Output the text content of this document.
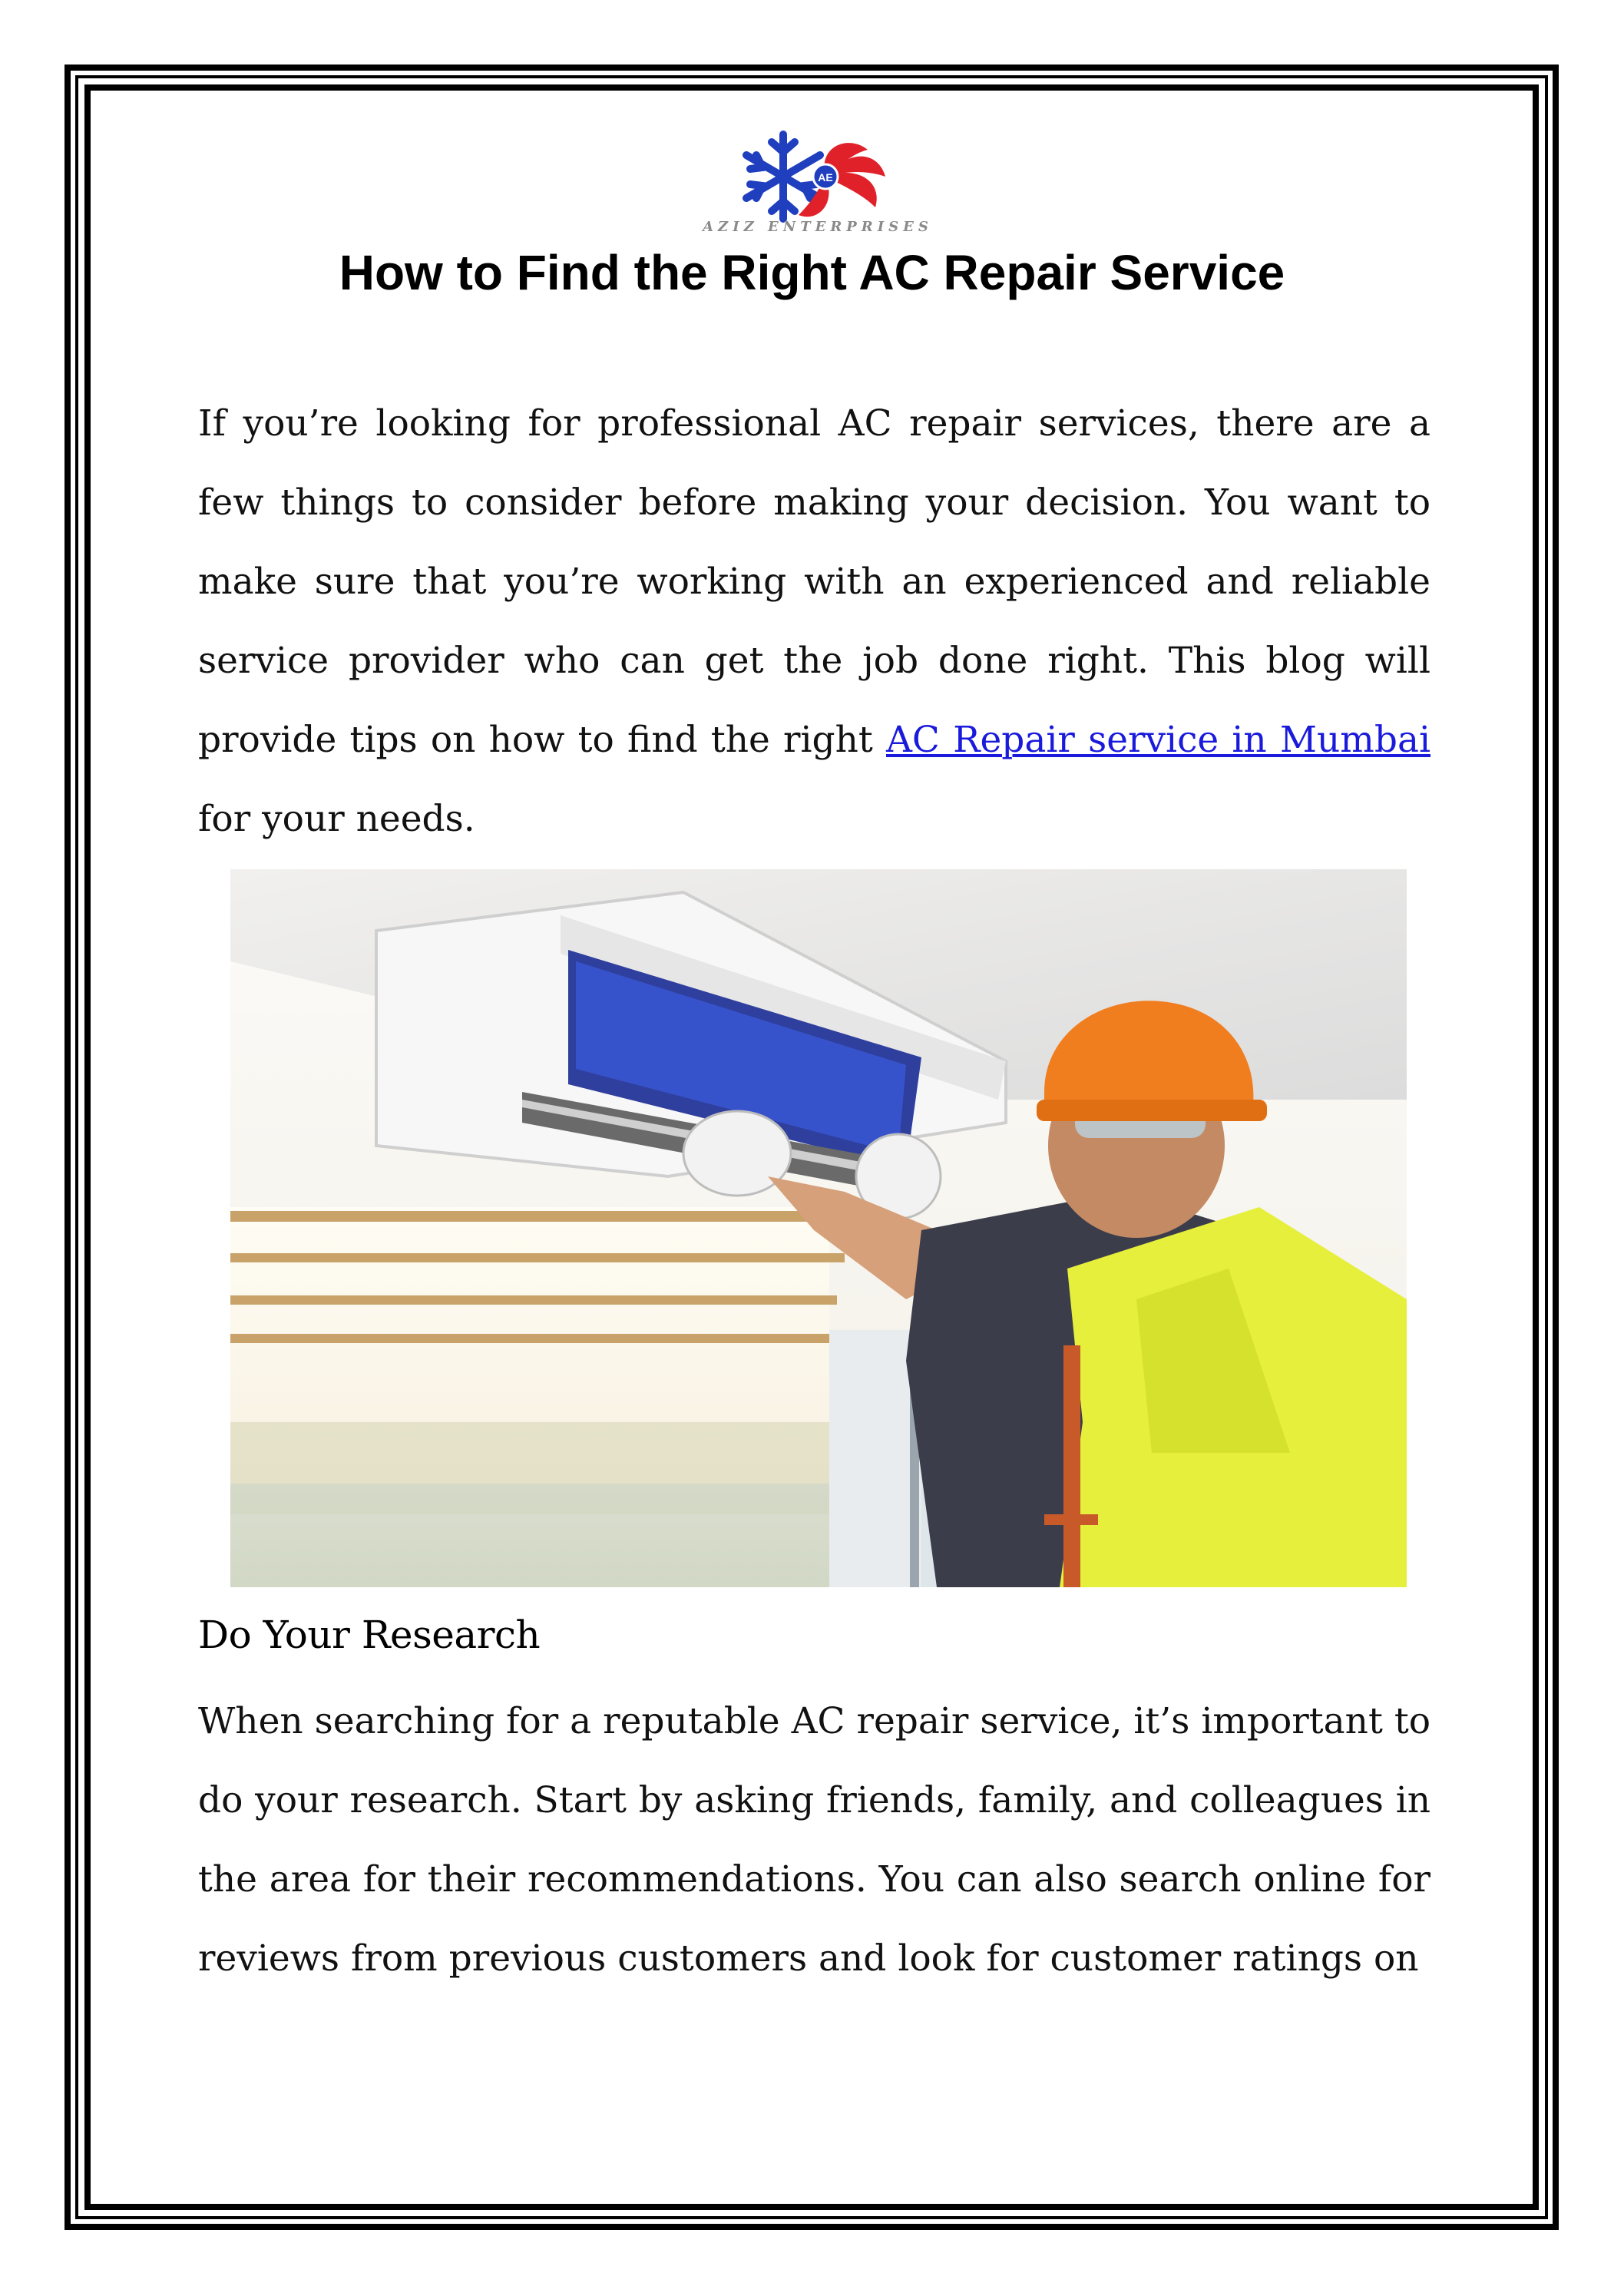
AE
AZIZ ENTERPRISES
How to Find the Right AC Repair Service

If you’re looking for professional AC repair services, there are a few things to consider before making your decision. You want to make sure that you’re working with an experienced and reliable service provider who can get the job done right. This blog will provide tips on how to find the right AC Repair service in Mumbai for your needs.

Do Your Research

When searching for a reputable AC repair service, it’s important to do your research. Start by asking friends, family, and colleagues in the area for their recommendations. You can also search online for reviews from previous customers and look for customer ratings on
